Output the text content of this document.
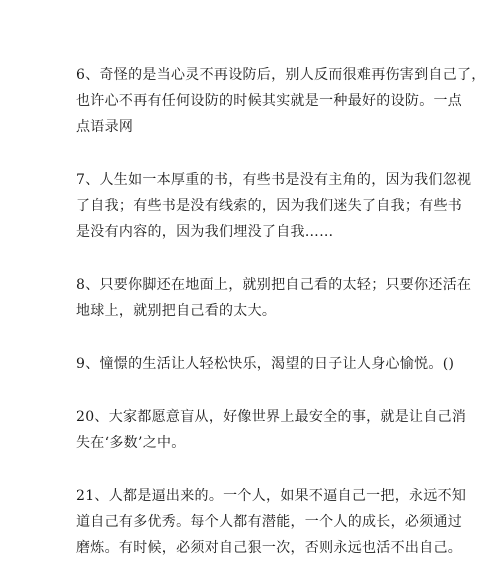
6、奇怪的是当心灵不再设防后，别人反而很难再伤害到自己了，
也许心不再有任何设防的时候其实就是一种最好的设防。一点
点语录网

7、人生如一本厚重的书，有些书是没有主角的，因为我们忽视
了自我；有些书是没有线索的，因为我们迷失了自我；有些书
是没有内容的，因为我们埋没了自我……

8、只要你脚还在地面上，就别把自己看的太轻；只要你还活在
地球上，就别把自己看的太大。

9、憧憬的生活让人轻松快乐，渴望的日子让人身心愉悦。()

20、大家都愿意盲从，好像世界上最安全的事，就是让自己消
失在‘多数’之中。

21、人都是逼出来的。一个人，如果不逼自己一把，永远不知
道自己有多优秀。每个人都有潜能，一个人的成长，必须通过
磨炼。有时候，必须对自己狠一次，否则永远也活不出自己。
